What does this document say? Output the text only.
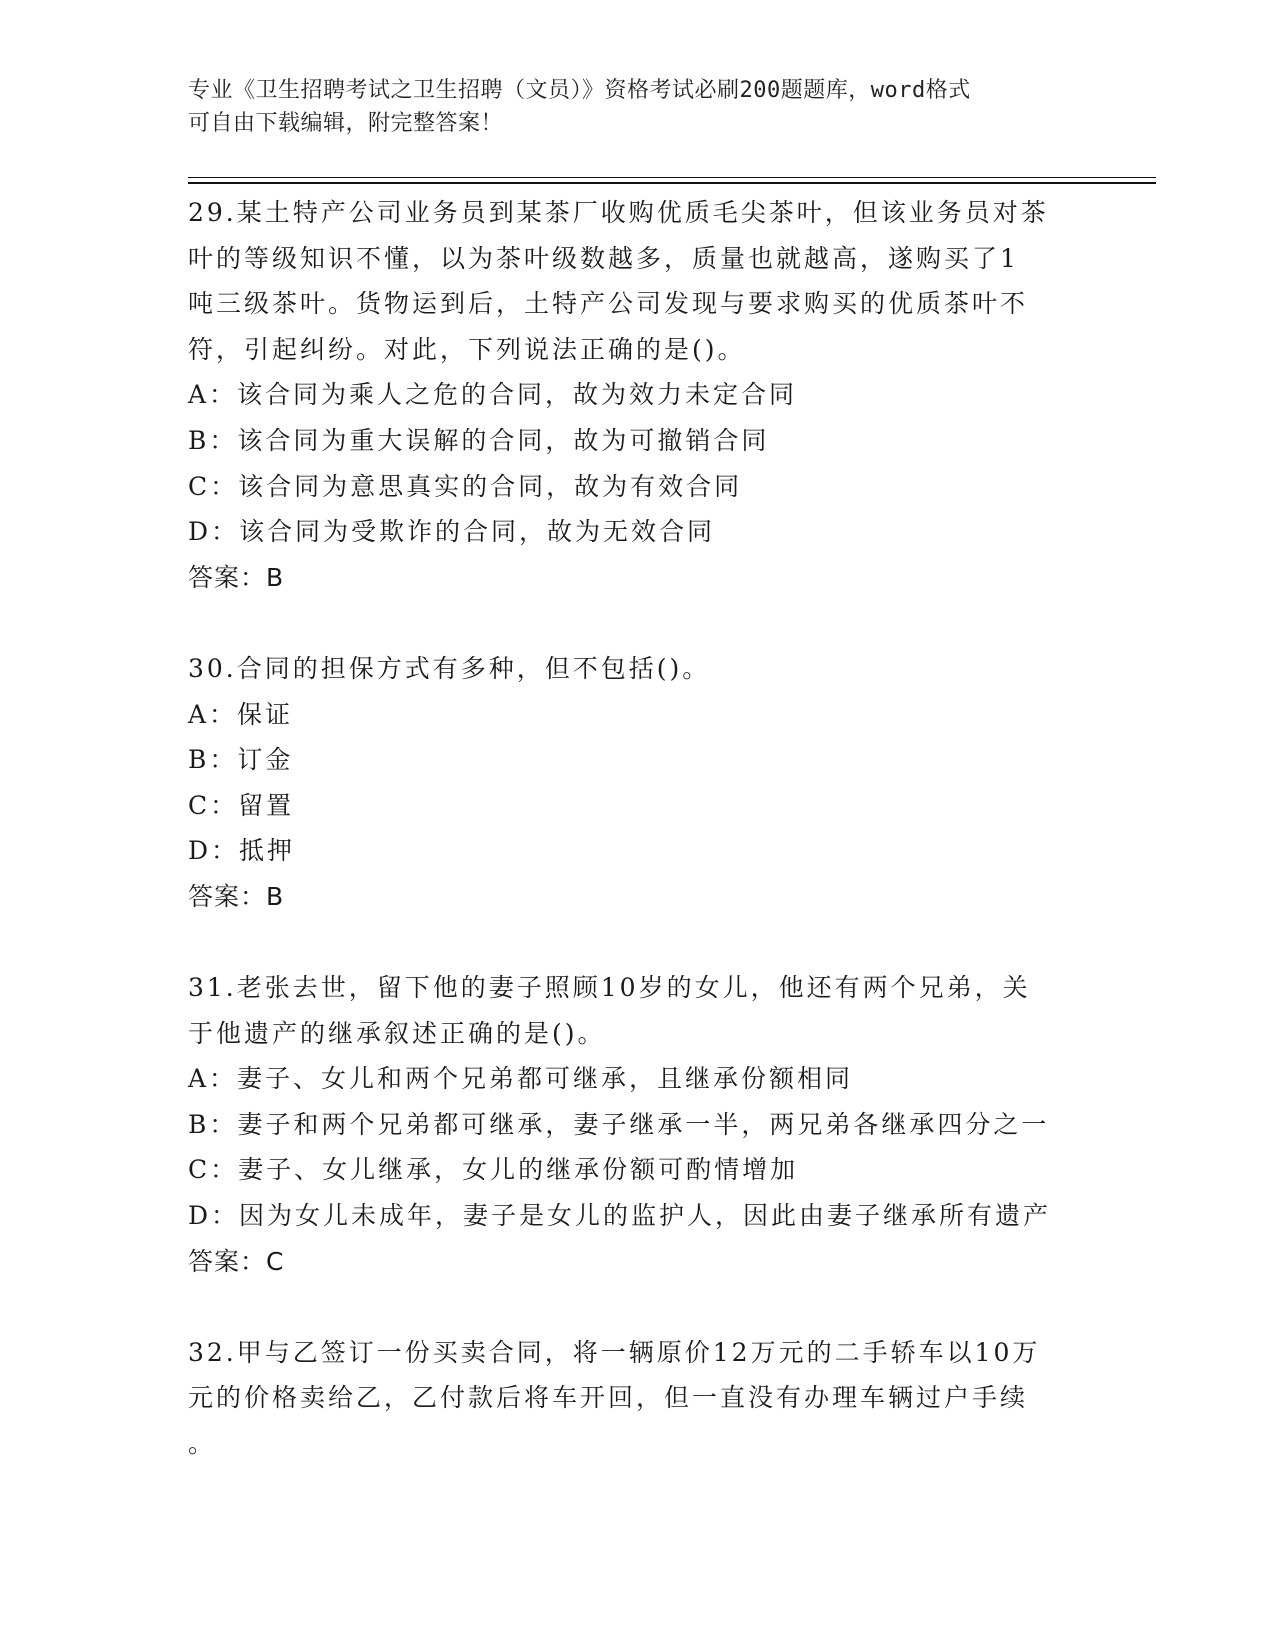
专业《卫生招聘考试之卫生招聘（文员）》资格考试必刷200题题库，word格式
可自由下载编辑，附完整答案！

29.某土特产公司业务员到某茶厂收购优质毛尖茶叶，但该业务员对茶

叶的等级知识不懂，以为茶叶级数越多，质量也就越高，遂购买了1

吨三级茶叶。货物运到后，土特产公司发现与要求购买的优质茶叶不

符，引起纠纷。对此，下列说法正确的是()。

A：该合同为乘人之危的合同，故为效力未定合同

B：该合同为重大误解的合同，故为可撤销合同

C：该合同为意思真实的合同，故为有效合同

D：该合同为受欺诈的合同，故为无效合同

答案：B

30.合同的担保方式有多种，但不包括()。

A：保证

B：订金

C：留置

D：抵押

答案：B

31.老张去世，留下他的妻子照顾10岁的女儿，他还有两个兄弟，关

于他遗产的继承叙述正确的是()。

A：妻子、女儿和两个兄弟都可继承，且继承份额相同

B：妻子和两个兄弟都可继承，妻子继承一半，两兄弟各继承四分之一

C：妻子、女儿继承，女儿的继承份额可酌情增加

D：因为女儿未成年，妻子是女儿的监护人，因此由妻子继承所有遗产

答案：C

32.甲与乙签订一份买卖合同，将一辆原价12万元的二手轿车以10万

元的价格卖给乙，乙付款后将车开回，但一直没有办理车辆过户手续

。
